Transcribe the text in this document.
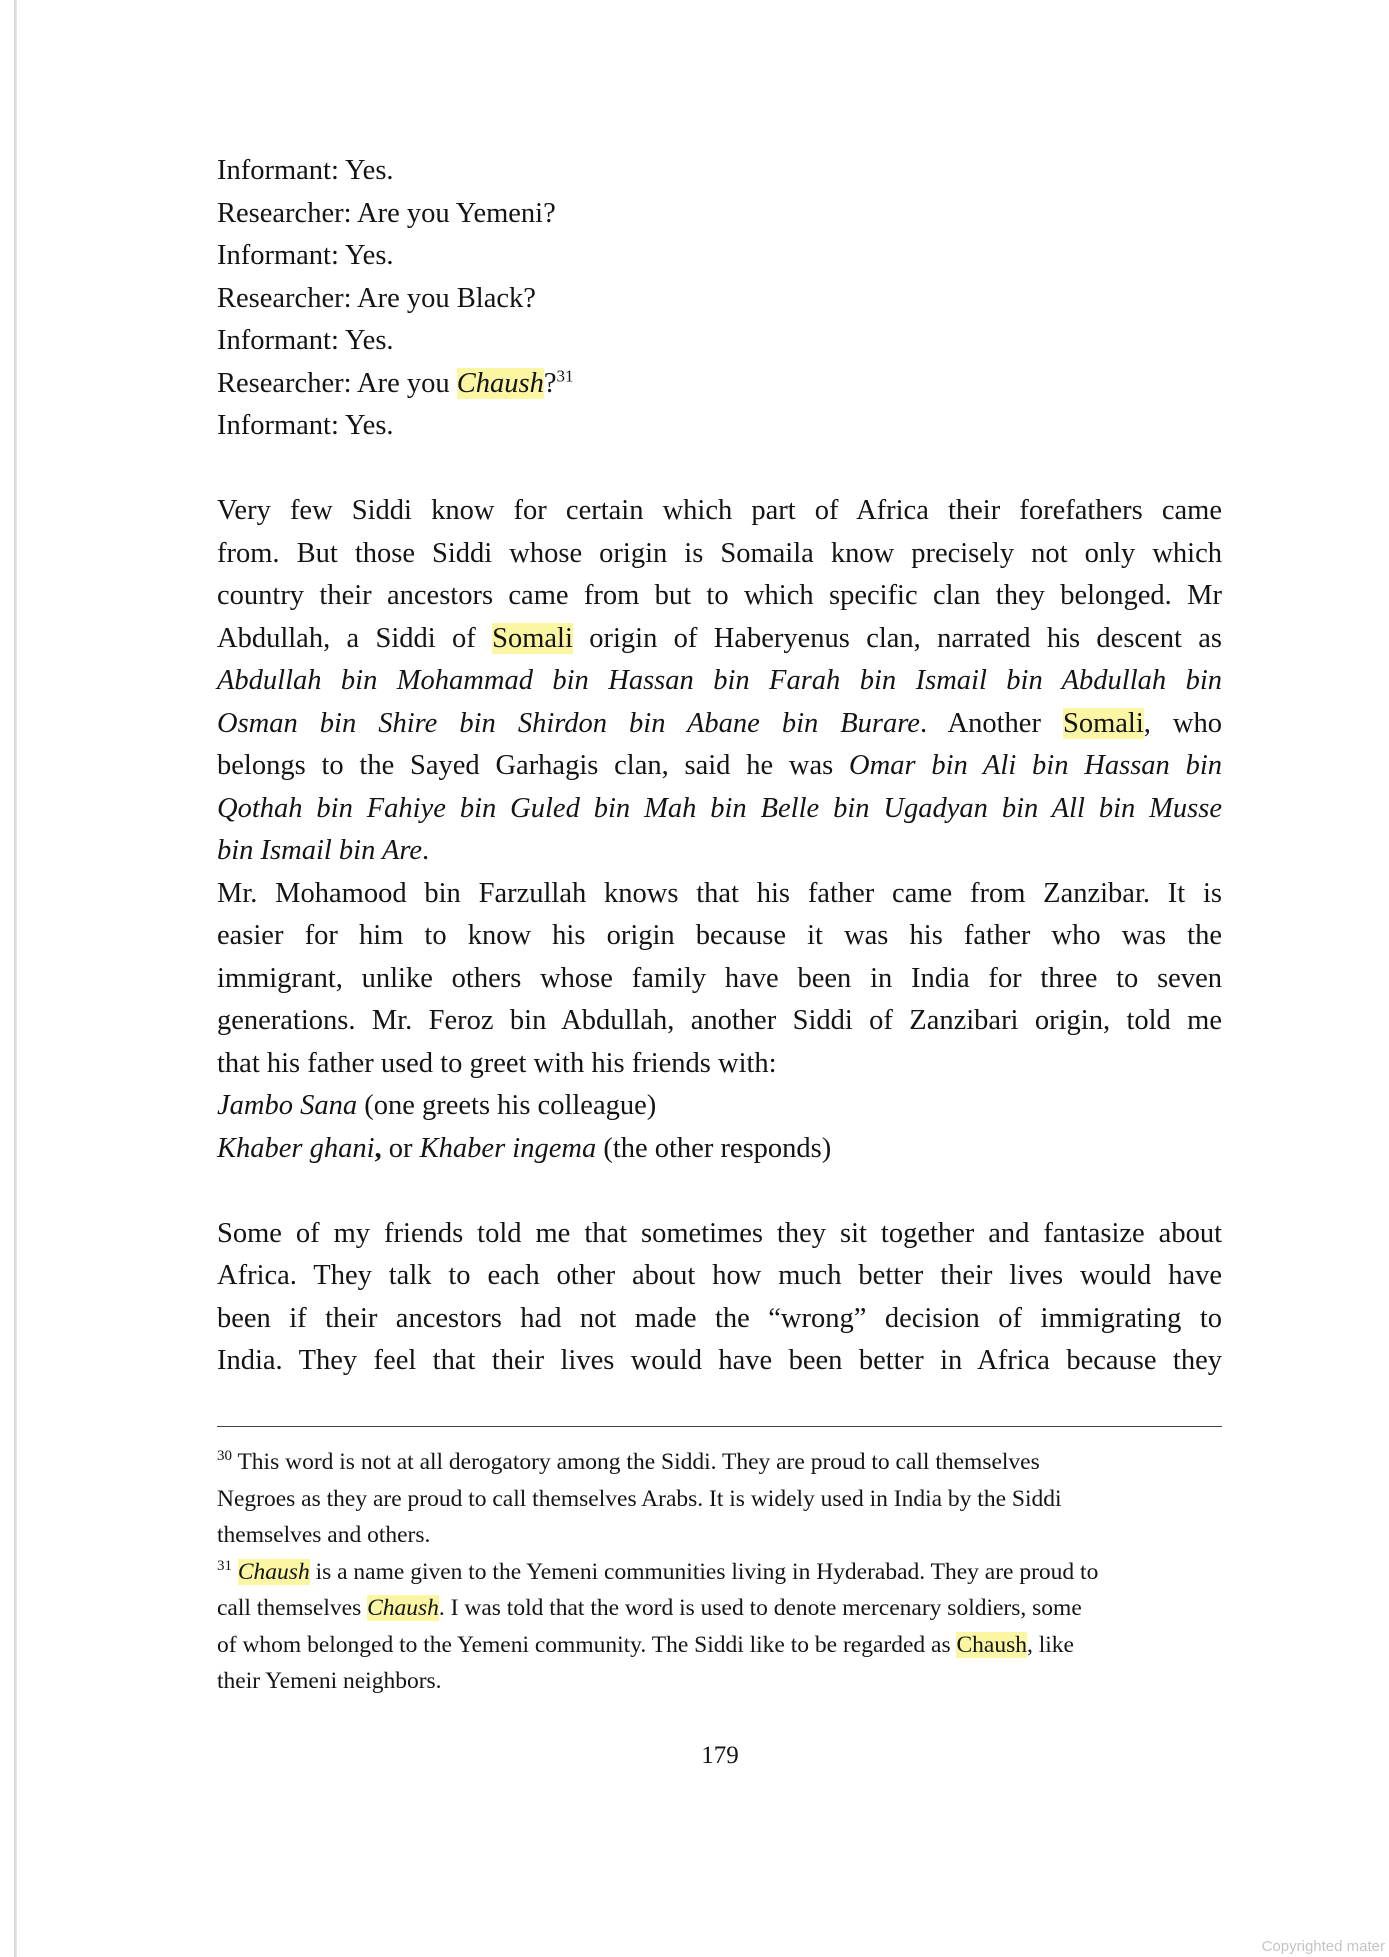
Informant: Yes.
Researcher: Are you Yemeni?
Informant: Yes.
Researcher: Are you Black?
Informant: Yes.
Researcher: Are you Chaush?$^{31}$
Informant: Yes.
Very few Siddi know for certain which part of Africa their forefathers came
from. But those Siddi whose origin is Somaila know precisely not only which
country their ancestors came from but to which specific clan they belonged. Mr
Abdullah, a Siddi of Somali origin of Haberyenus clan, narrated his descent as
Abdullah bin Mohammad bin Hassan bin Farah bin Ismail bin Abdullah bin
Osman bin Shire bin Shirdon bin Abane bin Burare. Another Somali, who
belongs to the Sayed Garhagis clan, said he was Omar bin Ali bin Hassan bin
Qothah bin Fahiye bin Guled bin Mah bin Belle bin Ugadyan bin All bin Musse
bin Ismail bin Are.
Mr. Mohamood bin Farzullah knows that his father came from Zanzibar. It is
easier for him to know his origin because it was his father who was the
immigrant, unlike others whose family have been in India for three to seven
generations. Mr. Feroz bin Abdullah, another Siddi of Zanzibari origin, told me
that his father used to greet with his friends with:
Jambo Sana (one greets his colleague)
Khaber ghani, or Khaber ingema (the other responds)
Some of my friends told me that sometimes they sit together and fantasize about
Africa. They talk to each other about how much better their lives would have
been if their ancestors had not made the “wrong” decision of immigrating to
India. They feel that their lives would have been better in Africa because they
$^{30}$ This word is not at all derogatory among the Siddi. They are proud to call themselves
Negroes as they are proud to call themselves Arabs. It is widely used in India by the Siddi
themselves and others.
$^{31}$ Chaush is a name given to the Yemeni communities living in Hyderabad. They are proud to
call themselves Chaush. I was told that the word is used to denote mercenary soldiers, some
of whom belonged to the Yemeni community. The Siddi like to be regarded as Chaush, like
their Yemeni neighbors.
179
Copyrighted mater
